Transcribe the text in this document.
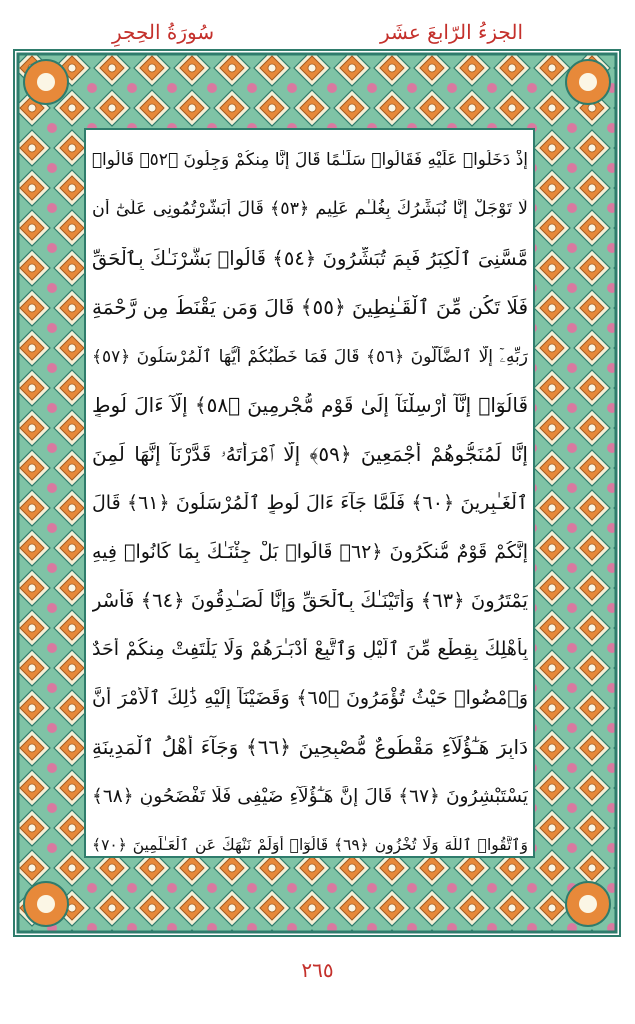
سُورَةُ الحِجرِ	الجزءُ الرّابعَ عشَر
إِذْ دَخَلُوا۟ عَلَيْهِ فَقَالُوا۟ سَلَـٰمًا قَالَ إِنَّا مِنكُمْ وَجِلُونَ ﴿٥٢﴾ قَالُوا۟
لَا تَوْجَلْ إِنَّا نُبَشِّرُكَ بِغُلَـٰمٍ عَلِيمٍ ﴿٥٣﴾ قَالَ أَبَشَّرْتُمُونِى عَلَىٰٓ أَن
مَّسَّنِىَ ٱلْكِبَرُ فَبِمَ تُبَشِّرُونَ ﴿٥٤﴾ قَالُوا۟ بَشَّرْنَـٰكَ بِٱلْحَقِّ
فَلَا تَكُن مِّنَ ٱلْقَـٰنِطِينَ ﴿٥٥﴾ قَالَ وَمَن يَقْنَطُ مِن رَّحْمَةِ
رَبِّهِۦٓ إِلَّا ٱلضَّآلُّونَ ﴿٥٦﴾ قَالَ فَمَا خَطْبُكُمْ أَيُّهَا ٱلْمُرْسَلُونَ ﴿٥٧﴾
قَالُوٓا۟ إِنَّآ أُرْسِلْنَآ إِلَىٰ قَوْمٍ مُّجْرِمِينَ ﴿٥٨﴾ إِلَّآ ءَالَ لُوطٍ
إِنَّا لَمُنَجُّوهُمْ أَجْمَعِينَ ﴿٥٩﴾ إِلَّا ٱمْرَأَتَهُۥ قَدَّرْنَآ إِنَّهَا لَمِنَ
ٱلْغَـٰبِرِينَ ﴿٦٠﴾ فَلَمَّا جَآءَ ءَالَ لُوطٍ ٱلْمُرْسَلُونَ ﴿٦١﴾ قَالَ
إِنَّكُمْ قَوْمٌ مُّنكَرُونَ ﴿٦٢﴾ قَالُوا۟ بَلْ جِئْنَـٰكَ بِمَا كَانُوا۟ فِيهِ
يَمْتَرُونَ ﴿٦٣﴾ وَأَتَيْنَـٰكَ بِٱلْحَقِّ وَإِنَّا لَصَـٰدِقُونَ ﴿٦٤﴾ فَأَسْرِ
بِأَهْلِكَ بِقِطْعٍ مِّنَ ٱلَّيْلِ وَٱتَّبِعْ أَدْبَـٰرَهُمْ وَلَا يَلْتَفِتْ مِنكُمْ أَحَدٌ
وَٱمْضُوا۟ حَيْثُ تُؤْمَرُونَ ﴿٦٥﴾ وَقَضَيْنَآ إِلَيْهِ ذَٰلِكَ ٱلْأَمْرَ أَنَّ
دَابِرَ هَـٰٓؤُلَآءِ مَقْطُوعٌ مُّصْبِحِينَ ﴿٦٦﴾ وَجَآءَ أَهْلُ ٱلْمَدِينَةِ
يَسْتَبْشِرُونَ ﴿٦٧﴾ قَالَ إِنَّ هَـٰٓؤُلَآءِ ضَيْفِى فَلَا تَفْضَحُونِ ﴿٦٨﴾
وَٱتَّقُوا۟ ٱللَّهَ وَلَا تُخْزُونِ ﴿٦٩﴾ قَالُوٓا۟ أَوَلَمْ نَنْهَكَ عَنِ ٱلْعَـٰلَمِينَ ﴿٧٠﴾
٢٦٥
